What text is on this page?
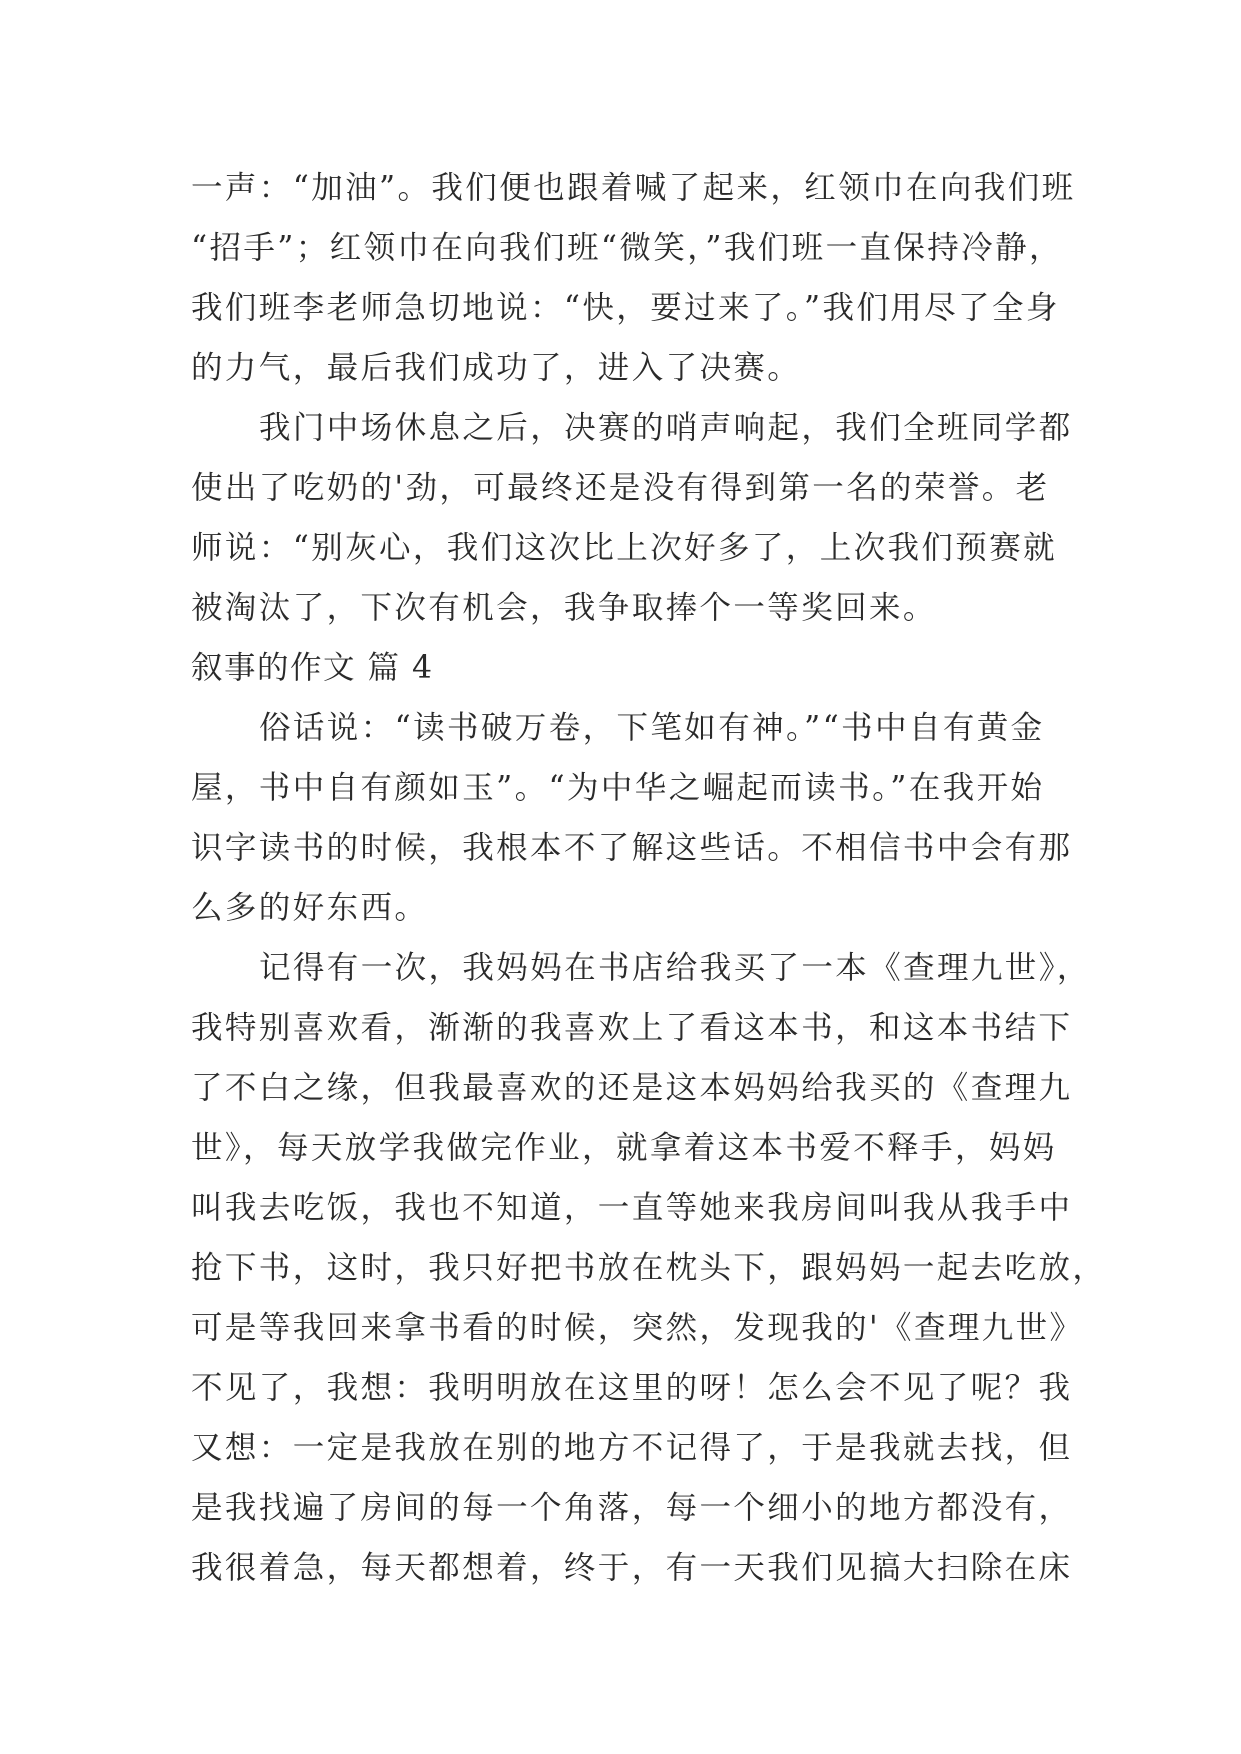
一声：“加油”。我们便也跟着喊了起来，红领巾在向我们班
“招手”；红领巾在向我们班“微笑，”我们班一直保持冷静，
我们班李老师急切地说：“快，要过来了。”我们用尽了全身
的力气，最后我们成功了，进入了决赛。
我门中场休息之后，决赛的哨声响起，我们全班同学都
使出了吃奶的'劲，可最终还是没有得到第一名的荣誉。老
师说：“别灰心，我们这次比上次好多了，上次我们预赛就
被淘汰了，下次有机会，我争取捧个一等奖回来。
叙事的作文 篇 4
俗话说：“读书破万卷，下笔如有神。”“书中自有黄金
屋，书中自有颜如玉”。“为中华之崛起而读书。”在我开始
识字读书的时候，我根本不了解这些话。不相信书中会有那
么多的好东西。
记得有一次，我妈妈在书店给我买了一本《查理九世》，
我特别喜欢看，渐渐的我喜欢上了看这本书，和这本书结下
了不白之缘，但我最喜欢的还是这本妈妈给我买的《查理九
世》，每天放学我做完作业，就拿着这本书爱不释手，妈妈
叫我去吃饭，我也不知道，一直等她来我房间叫我从我手中
抢下书，这时，我只好把书放在枕头下，跟妈妈一起去吃放，
可是等我回来拿书看的时候，突然，发现我的'《查理九世》
不见了，我想：我明明放在这里的呀！怎么会不见了呢？我
又想：一定是我放在别的地方不记得了，于是我就去找，但
是我找遍了房间的每一个角落，每一个细小的地方都没有，
我很着急，每天都想着，终于，有一天我们见搞大扫除在床
